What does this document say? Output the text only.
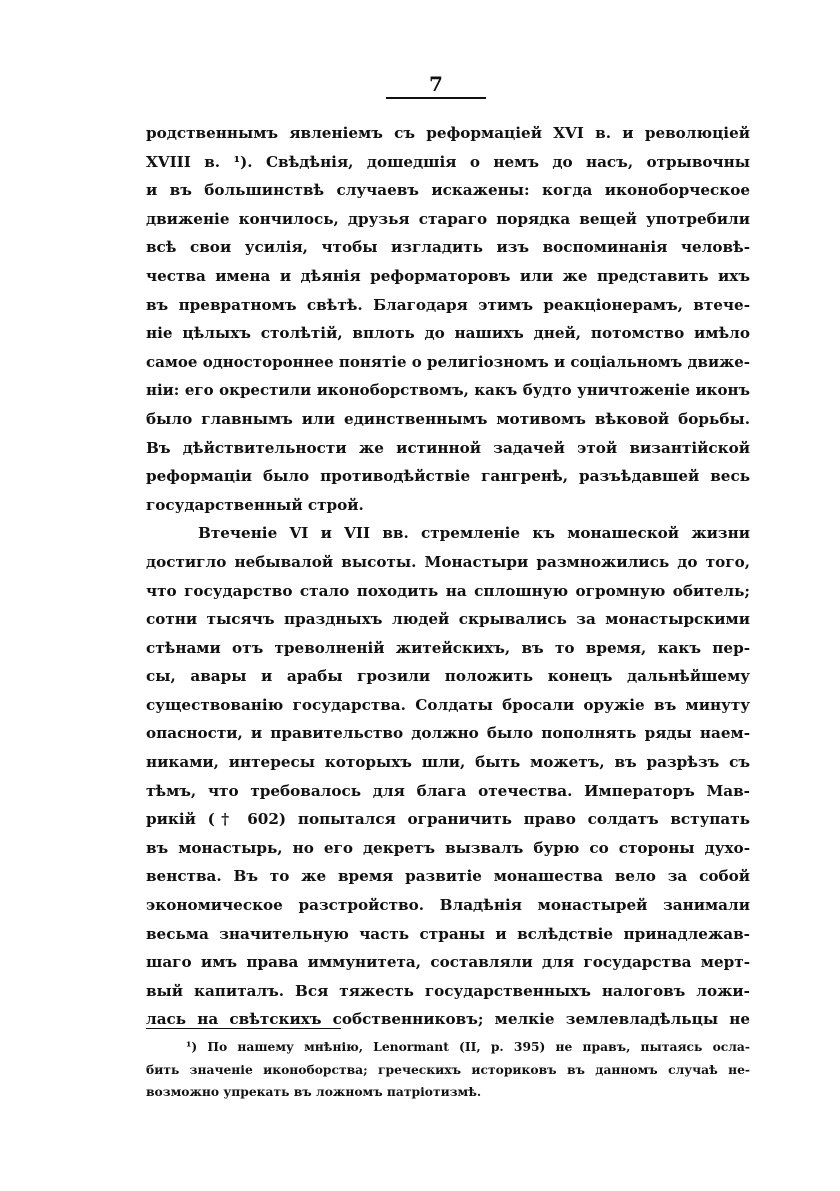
7
родственнымъ явленіемъ съ реформаціей XVI в. и революціей
XVIII в. ¹). Свѣдѣнія, дошедшія о немъ до насъ, отрывочны
и въ большинствѣ случаевъ искажены: когда иконоборческое
движеніе кончилось, друзья стараго порядка вещей употребили
всѣ свои усилія, чтобы изгладить изъ воспоминанія человѣ-
чества имена и дѣянія реформаторовъ или же представить ихъ
въ превратномъ свѣтѣ. Благодаря этимъ реакціонерамъ, втече-
ніе цѣлыхъ столѣтій, вплоть до нашихъ дней, потомство имѣло
самое одностороннее понятіе о религіозномъ и соціальномъ движе-
ніи: его окрестили иконоборствомъ, какъ будто уничтоженіе иконъ
было главнымъ или единственнымъ мотивомъ вѣковой борьбы.
Въ дѣйствительности же истинной задачей этой византійской
реформаціи было противодѣйствіе гангренѣ, разъѣдавшей весь
государственный строй.
Втеченіе VI и VII вв. стремленіе къ монашеской жизни
достигло небывалой высоты. Монастыри размножились до того,
что государство стало походить на сплошную огромную обитель;
сотни тысячъ праздныхъ людей скрывались за монастырскими
стѣнами отъ треволненій житейскихъ, въ то время, какъ пер-
сы, авары и арабы грозили положить конецъ дальнѣйшему
существованію государства. Солдаты бросали оружіе въ минуту
опасности, и правительство должно было пополнять ряды наем-
никами, интересы которыхъ шли, быть можетъ, въ разрѣзъ съ
тѣмъ, что требовалось для блага отечества. Императоръ Мав-
рикій († 602) попытался ограничить право солдатъ вступать
въ монастырь, но его декретъ вызвалъ бурю со стороны духо-
венства. Въ то же время развитіе монашества вело за собой
экономическое разстройство. Владѣнія монастырей занимали
весьма значительную часть страны и вслѣдствіе принадлежав-
шаго имъ права иммунитета, составляли для государства мерт-
вый капиталъ. Вся тяжесть государственныхъ налоговъ ложи-
лась на свѣтскихъ собственниковъ; мелкіе землевладѣльцы не
¹) По нашему мнѣнію, Lenormant (II, p. 395) не правъ, пытаясь осла-
бить значеніе иконоборства; греческихъ историковъ въ данномъ случаѣ не-
возможно упрекать въ ложномъ патріотизмѣ.
